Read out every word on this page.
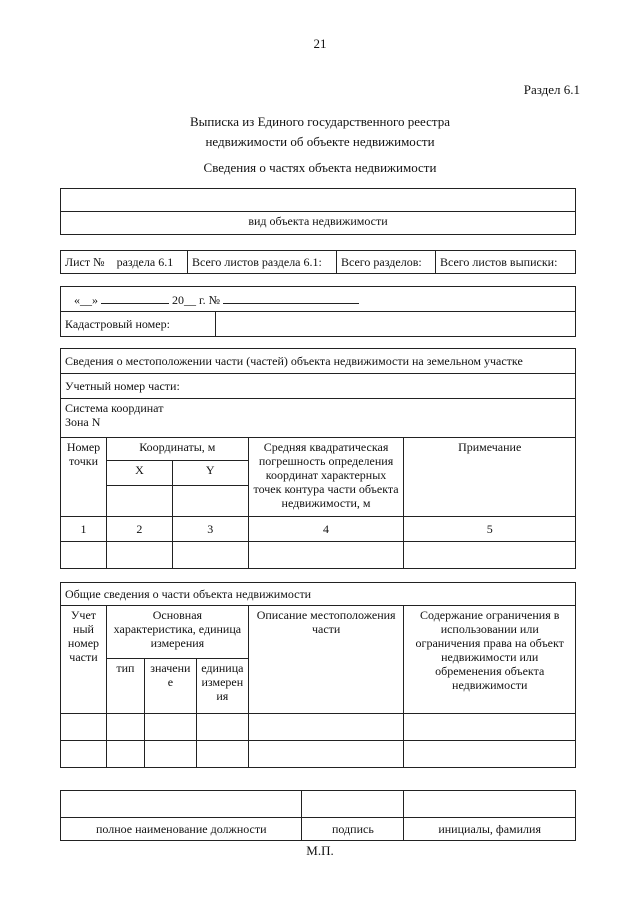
21
Раздел 6.1
Выписка из Единого государственного реестра
недвижимости об объекте недвижимости
Сведения о частях объекта недвижимости

вид объекта недвижимости
Лист № раздела 6.1	Всего листов раздела 6.1:	Всего разделов:	Всего листов выписки:
«__»	20__ г. №
Кадастровый номер:	
Сведения о местоположении части (частей) объекта недвижимости на земельном участке				
Учетный номер части:				

Система координат
Зона N				

Номер точки	Координаты, м		Средняя квадратическая погрешность определения координат характерных точек контура части объекта недвижимости, м	Примечание
	X	Y		

1	2	3	4	5

Общие сведения о части объекта недвижимости					
Учет ный номер части	Основная характеристика, единица измерения			Описание местоположения части	Содержание ограничения в использовании или ограничения права на объект недвижимости или обременения объекта недвижимости
	тип	значени е	единица измерен ия		

полное наименование должности	подпись	инициалы, фамилия
М.П.
